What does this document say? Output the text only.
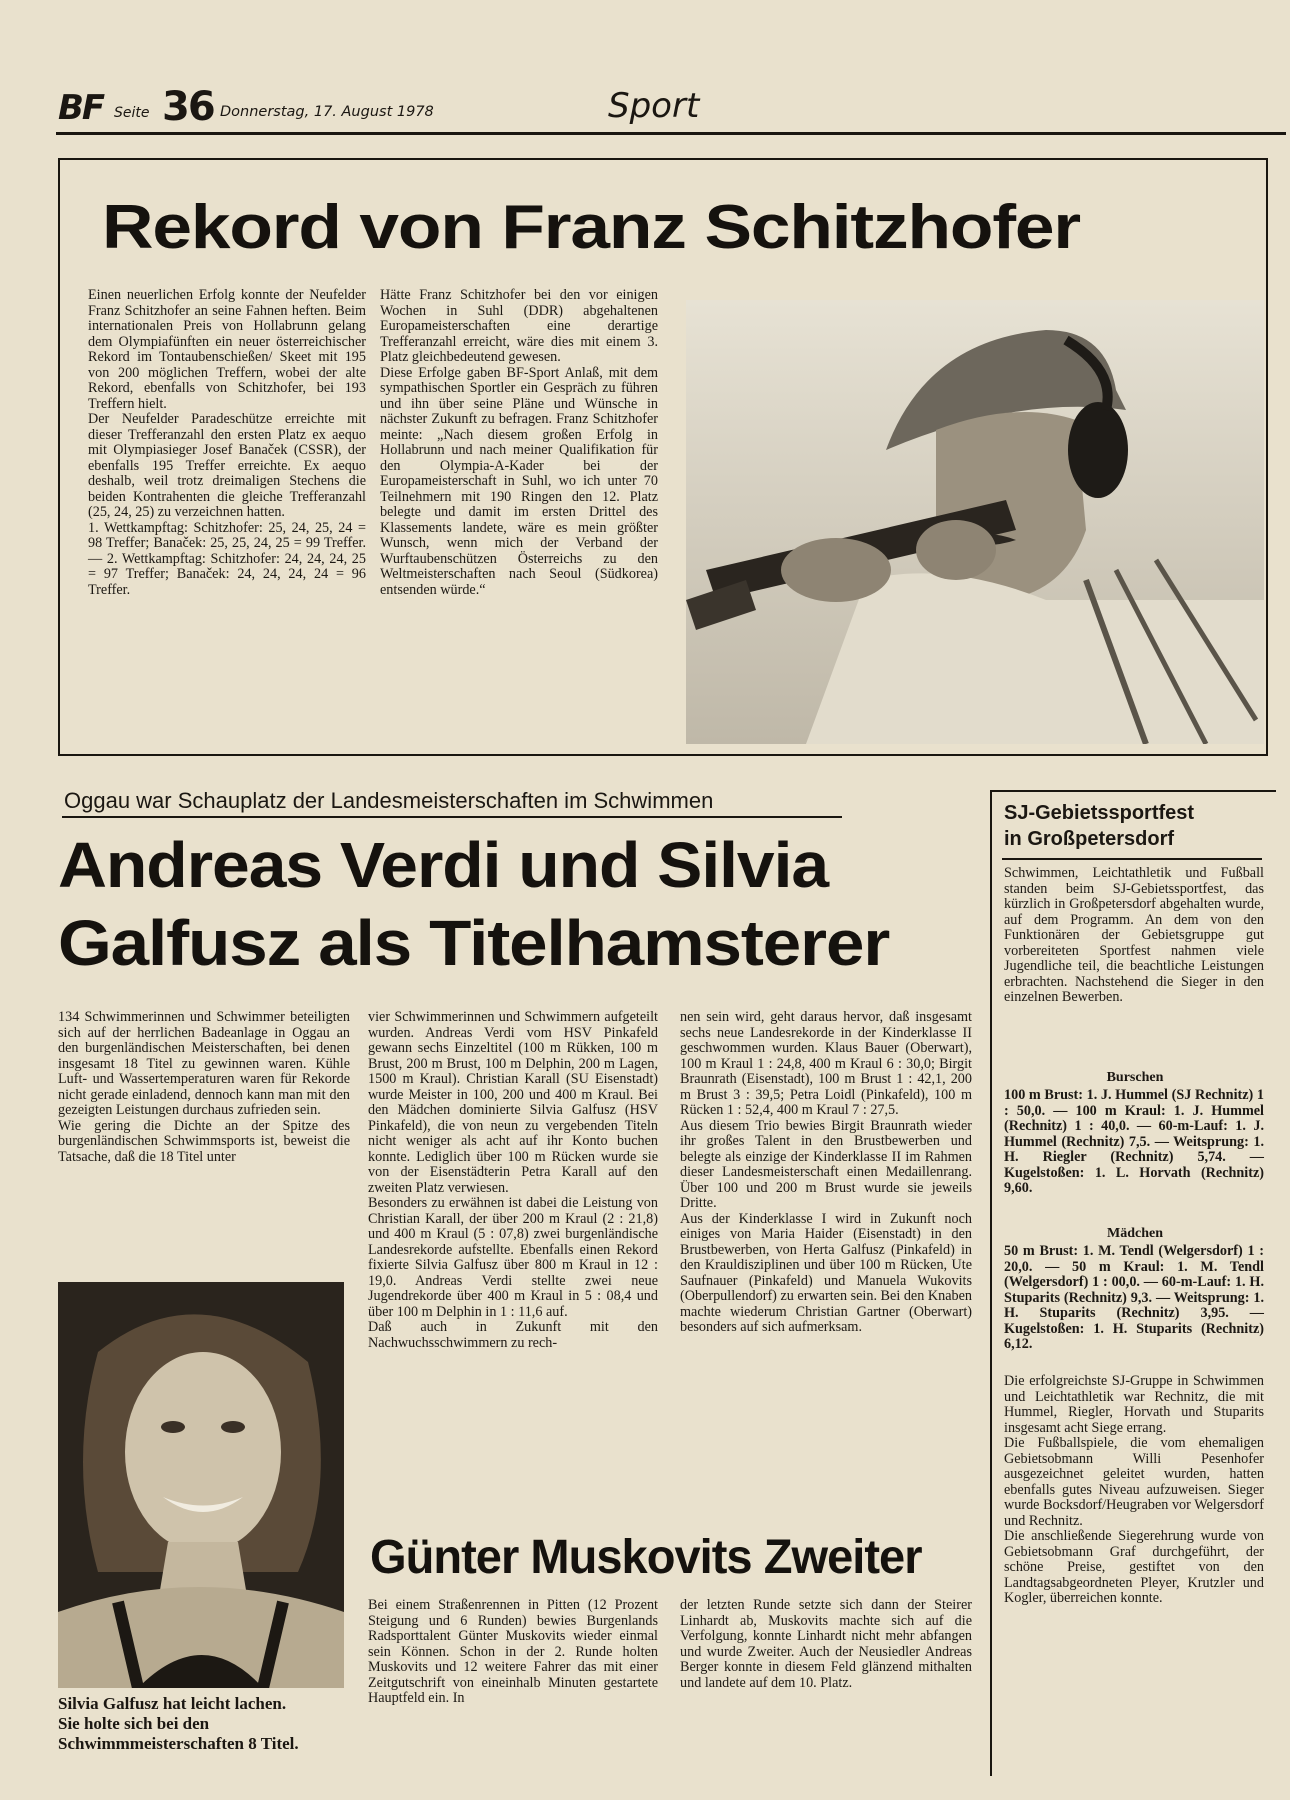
BF Seite 36 Donnerstag, 17. August 1978	Sport
Rekord von Franz Schitzhofer
Einen neuerlichen Erfolg konnte der Neufelder Franz Schitzhofer an seine Fahnen heften. Beim internationalen Preis von Hollabrunn gelang dem Olympiafünften ein neuer österreichischer Rekord im Tontaubenschießen/ Skeet mit 195 von 200 möglichen Treffern, wobei der alte Rekord, ebenfalls von Schitzhofer, bei 193 Treffern hielt.
Der Neufelder Paradeschütze erreichte mit dieser Trefferanzahl den ersten Platz ex aequo mit Olympiasieger Josef Banaček (CSSR), der ebenfalls 195 Treffer erreichte. Ex aequo deshalb, weil trotz dreimaligen Stechens die beiden Kontrahenten die gleiche Trefferanzahl (25, 24, 25) zu verzeichnen hatten.
1. Wettkampftag: Schitzhofer: 25, 24, 25, 24 = 98 Treffer; Banaček: 25, 25, 24, 25 = 99 Treffer. — 2. Wettkampftag: Schitzhofer: 24, 24, 24, 25 = 97 Treffer; Banaček: 24, 24, 24, 24 = 96 Treffer.
Hätte Franz Schitzhofer bei den vor einigen Wochen in Suhl (DDR) abgehaltenen Europameisterschaften eine derartige Trefferanzahl erreicht, wäre dies mit einem 3. Platz gleichbedeutend gewesen.
Diese Erfolge gaben BF-Sport Anlaß, mit dem sympathischen Sportler ein Gespräch zu führen und ihn über seine Pläne und Wünsche in nächster Zukunft zu befragen. Franz Schitzhofer meinte: „Nach diesem großen Erfolg in Hollabrunn und nach meiner Qualifikation für den Olympia-A-Kader bei der Europameisterschaft in Suhl, wo ich unter 70 Teilnehmern mit 190 Ringen den 12. Platz belegte und damit im ersten Drittel des Klassements landete, wäre es mein größter Wunsch, wenn mich der Verband der Wurftaubenschützen Österreichs zu den Weltmeisterschaften nach Seoul (Südkorea) entsenden würde.“
Oggau war Schauplatz der Landesmeisterschaften im Schwimmen
Andreas Verdi und Silvia
Galfusz als Titelhamsterer
134 Schwimmerinnen und Schwimmer beteiligten sich auf der herrlichen Badeanlage in Oggau an den burgenländischen Meisterschaften, bei denen insgesamt 18 Titel zu gewinnen waren. Kühle Luft- und Wassertemperaturen waren für Rekorde nicht gerade einladend, dennoch kann man mit den gezeigten Leistungen durchaus zufrieden sein.
Wie gering die Dichte an der Spitze des burgenländischen Schwimmsports ist, beweist die Tatsache, daß die 18 Titel unter
vier Schwimmerinnen und Schwimmern aufgeteilt wurden. Andreas Verdi vom HSV Pinkafeld gewann sechs Einzeltitel (100 m Rükken, 100 m Brust, 200 m Brust, 100 m Delphin, 200 m Lagen, 1500 m Kraul). Christian Karall (SU Eisenstadt) wurde Meister in 100, 200 und 400 m Kraul. Bei den Mädchen dominierte Silvia Galfusz (HSV Pinkafeld), die von neun zu vergebenden Titeln nicht weniger als acht auf ihr Konto buchen konnte. Lediglich über 100 m Rücken wurde sie von der Eisenstädterin Petra Karall auf den zweiten Platz verwiesen.
Besonders zu erwähnen ist dabei die Leistung von Christian Karall, der über 200 m Kraul (2 : 21,8) und 400 m Kraul (5 : 07,8) zwei burgenländische Landesrekorde aufstellte. Ebenfalls einen Rekord fixierte Silvia Galfusz über 800 m Kraul in 12 : 19,0. Andreas Verdi stellte zwei neue Jugendrekorde über 400 m Kraul in 5 : 08,4 und über 100 m Delphin in 1 : 11,6 auf.
Daß auch in Zukunft mit den Nachwuchsschwimmern zu rech-
nen sein wird, geht daraus hervor, daß insgesamt sechs neue Landesrekorde in der Kinderklasse II geschwommen wurden. Klaus Bauer (Oberwart), 100 m Kraul 1 : 24,8, 400 m Kraul 6 : 30,0; Birgit Braunrath (Eisenstadt), 100 m Brust 1 : 42,1, 200 m Brust 3 : 39,5; Petra Loidl (Pinkafeld), 100 m Rücken 1 : 52,4, 400 m Kraul 7 : 27,5.
Aus diesem Trio bewies Birgit Braunrath wieder ihr großes Talent in den Brustbewerben und belegte als einzige der Kinderklasse II im Rahmen dieser Landesmeisterschaft einen Medaillenrang. Über 100 und 200 m Brust wurde sie jeweils Dritte.
Aus der Kinderklasse I wird in Zukunft noch einiges von Maria Haider (Eisenstadt) in den Brustbewerben, von Herta Galfusz (Pinkafeld) in den Krauldisziplinen und über 100 m Rücken, Ute Saufnauer (Pinkafeld) und Manuela Wukovits (Oberpullendorf) zu erwarten sein. Bei den Knaben machte wiederum Christian Gartner (Oberwart) besonders auf sich aufmerksam.
Silvia Galfusz hat leicht lachen.
Sie holte sich bei den Schwimmmeisterschaften 8 Titel.
Günter Muskovits Zweiter
Bei einem Straßenrennen in Pitten (12 Prozent Steigung und 6 Runden) bewies Burgenlands Radsporttalent Günter Muskovits wieder einmal sein Können. Schon in der 2. Runde holten Muskovits und 12 weitere Fahrer das mit einer Zeitgutschrift von eineinhalb Minuten gestartete Hauptfeld ein. In
der letzten Runde setzte sich dann der Steirer Linhardt ab, Muskovits machte sich auf die Verfolgung, konnte Linhardt nicht mehr abfangen und wurde Zweiter. Auch der Neusiedler Andreas Berger konnte in diesem Feld glänzend mithalten und landete auf dem 10. Platz.
SJ-Gebietssportfest
in Großpetersdorf
Schwimmen, Leichtathletik und Fußball standen beim SJ-Gebietssportfest, das kürzlich in Großpetersdorf abgehalten wurde, auf dem Programm. An dem von den Funktionären der Gebietsgruppe gut vorbereiteten Sportfest nahmen viele Jugendliche teil, die beachtliche Leistungen erbrachten. Nachstehend die Sieger in den einzelnen Bewerben.
Burschen
100 m Brust: 1. J. Hummel (SJ Rechnitz) 1 : 50,0. — 100 m Kraul: 1. J. Hummel (Rechnitz) 1 : 40,0. — 60-m-Lauf: 1. J. Hummel (Rechnitz) 7,5. — Weitsprung: 1. H. Riegler (Rechnitz) 5,74. — Kugelstoßen: 1. L. Horvath (Rechnitz) 9,60.
Mädchen
50 m Brust: 1. M. Tendl (Welgersdorf) 1 : 20,0. — 50 m Kraul: 1. M. Tendl (Welgersdorf) 1 : 00,0. — 60-m-Lauf: 1. H. Stuparits (Rechnitz) 9,3. — Weitsprung: 1. H. Stuparits (Rechnitz) 3,95. — Kugelstoßen: 1. H. Stuparits (Rechnitz) 6,12.
Die erfolgreichste SJ-Gruppe in Schwimmen und Leichtathletik war Rechnitz, die mit Hummel, Riegler, Horvath und Stuparits insgesamt acht Siege errang.
Die Fußballspiele, die vom ehemaligen Gebietsobmann Willi Pesenhofer ausgezeichnet geleitet wurden, hatten ebenfalls gutes Niveau aufzuweisen. Sieger wurde Bocksdorf/Heugraben vor Welgersdorf und Rechnitz.
Die anschließende Siegerehrung wurde von Gebietsobmann Graf durchgeführt, der schöne Preise, gestiftet von den Landtagsabgeordneten Pleyer, Krutzler und Kogler, überreichen konnte.
